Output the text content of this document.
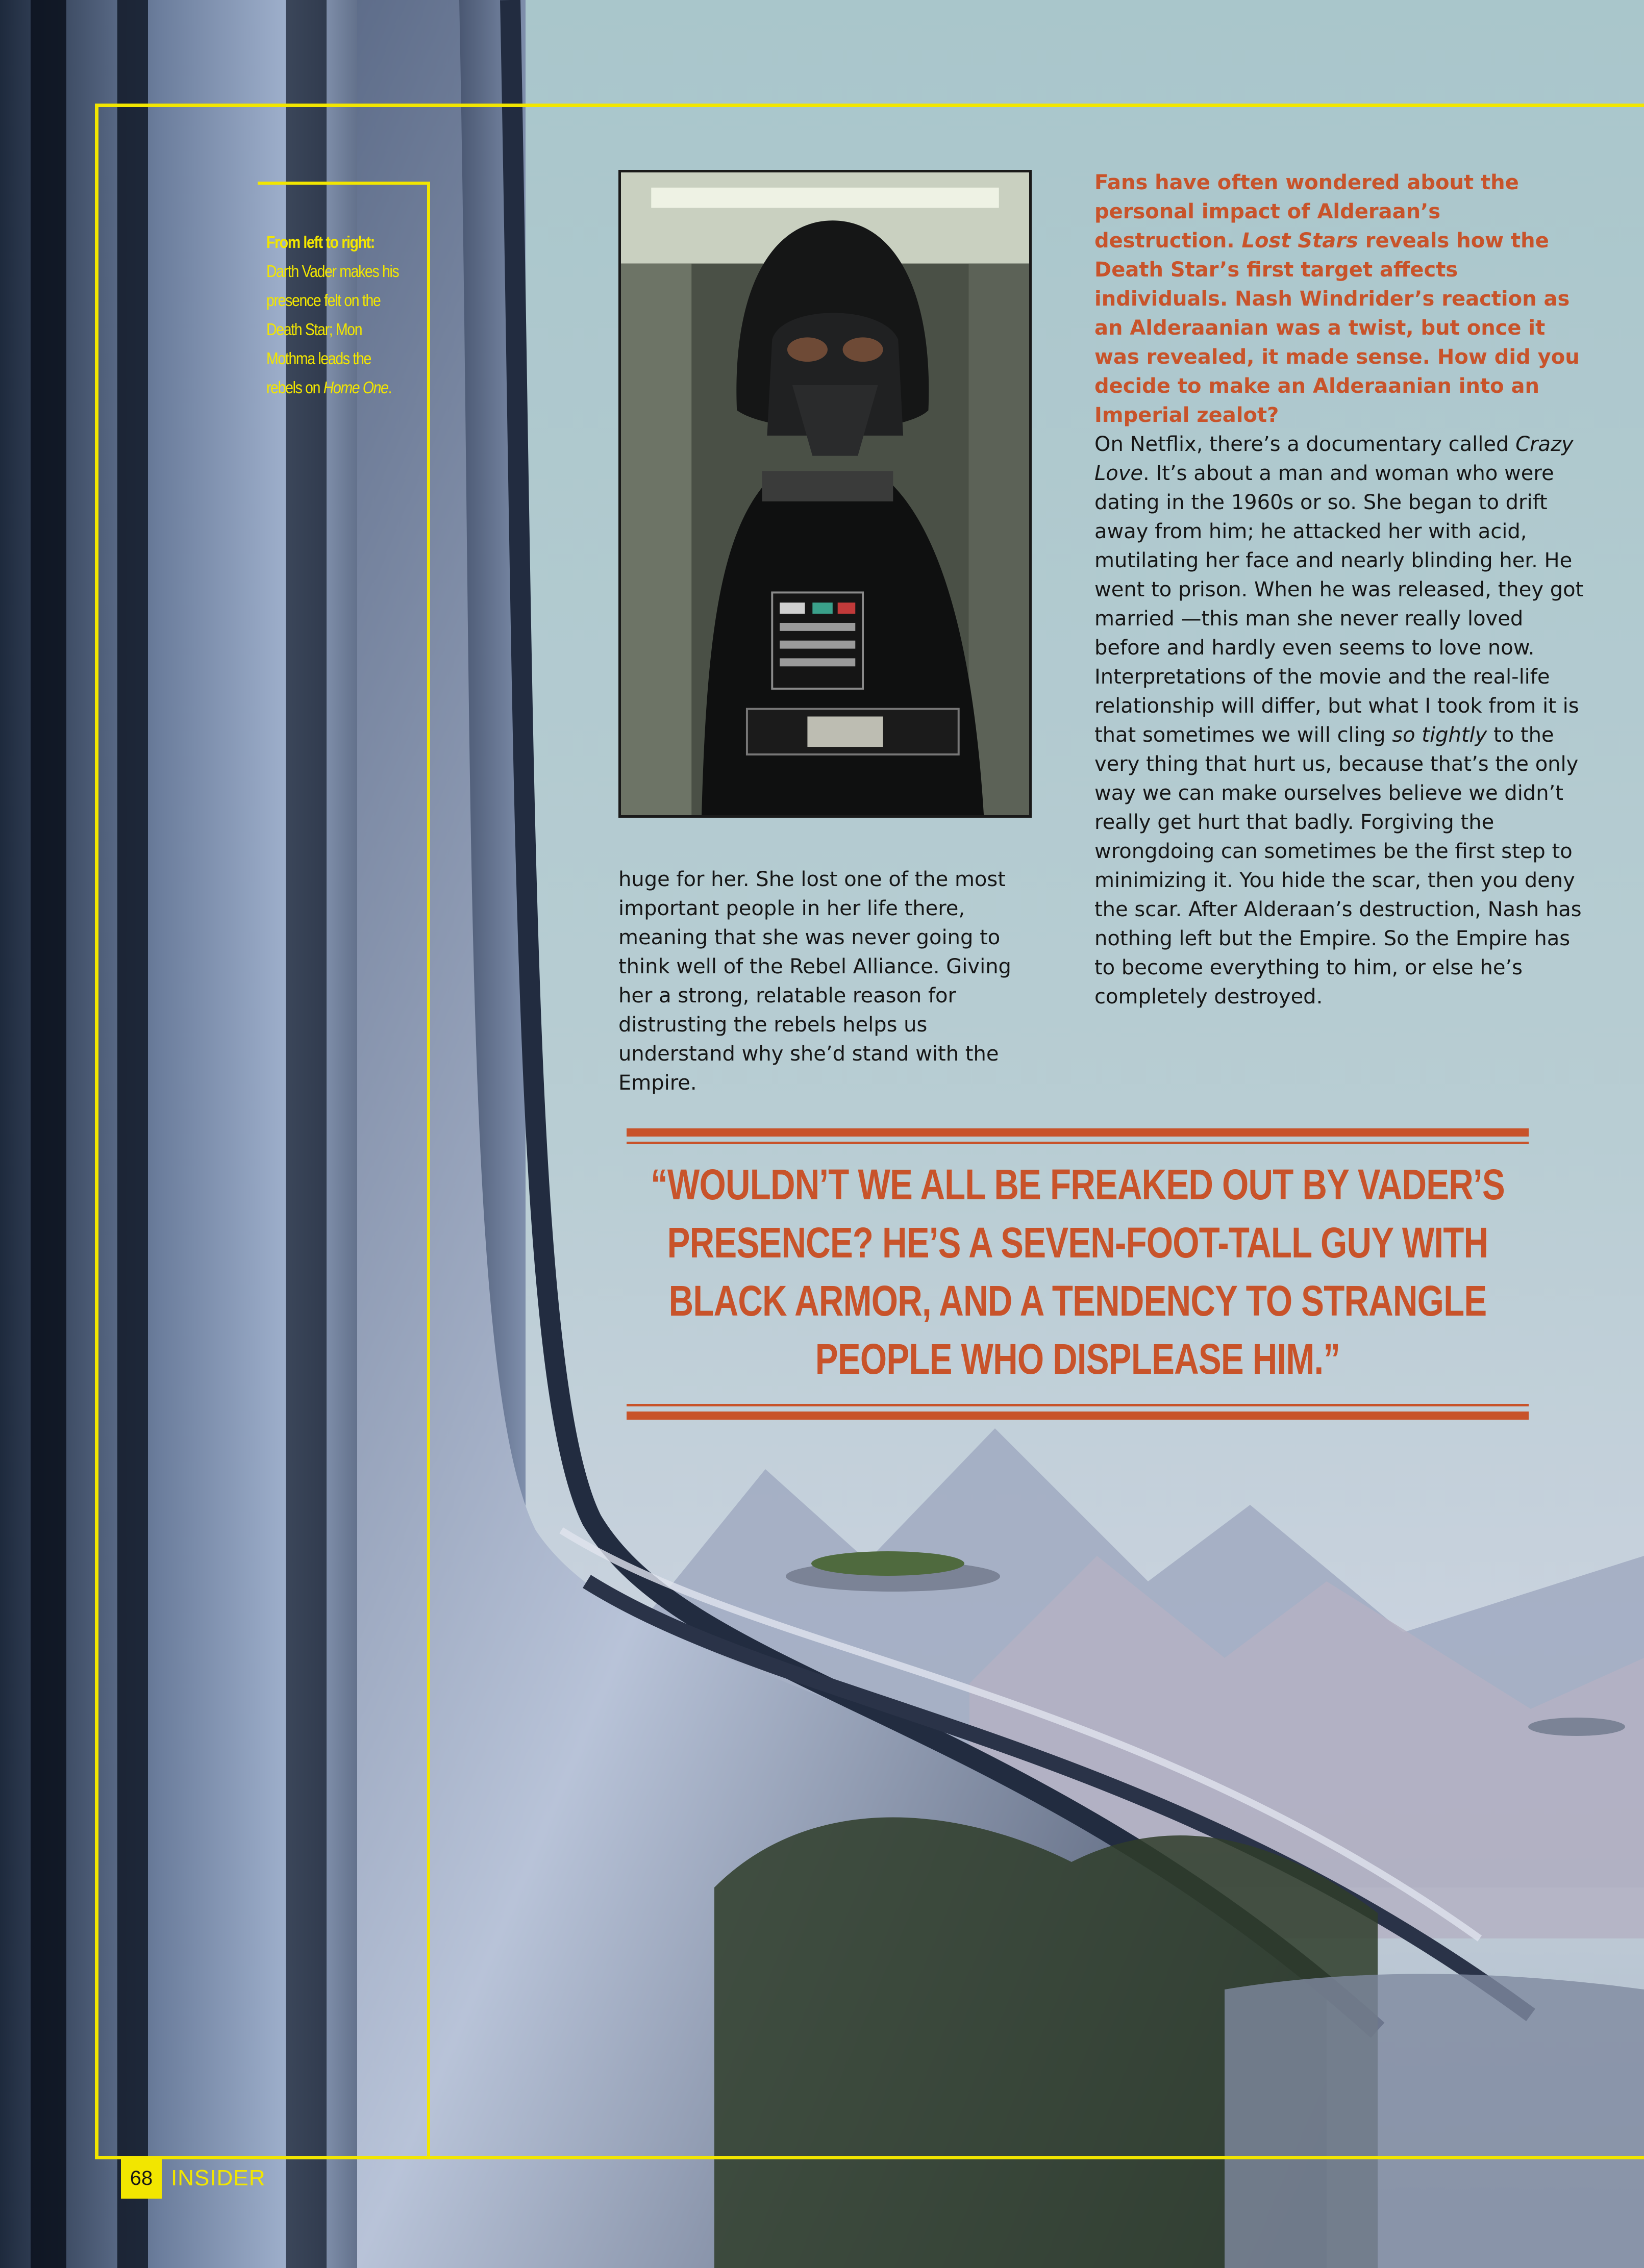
From left to right:
Darth Vader makes his presence felt on the Death Star; Mon Mothma leads the rebels on Home One.

huge for her. She lost one of the most important people in her life there, meaning that she was never going to think well of the Rebel Alliance. Giving her a strong, relatable reason for distrusting the rebels helps us understand why she’d stand with the Empire.

Fans have often wondered about the personal impact of Alderaan’s destruction. Lost Stars reveals how the Death Star’s first target affects individuals. Nash Windrider’s reaction as an Alderaanian was a twist, but once it was revealed, it made sense. How did you decide to make an Alderaanian into an Imperial zealot?
On Netflix, there’s a documentary called Crazy Love. It’s about a man and woman who were dating in the 1960s or so. She began to drift away from him; he attacked her with acid, mutilating her face and nearly blinding her. He went to prison. When he was released, they got married —this man she never really loved before and hardly even seems to love now. Interpretations of the movie and the real-life relationship will differ, but what I took from it is that sometimes we will cling so tightly to the very thing that hurt us, because that’s the only way we can make ourselves believe we didn’t really get hurt that badly. Forgiving the wrongdoing can sometimes be the first step to minimizing it. You hide the scar, then you deny the scar. After Alderaan’s destruction, Nash has nothing left but the Empire. So the Empire has to become everything to him, or else he’s completely destroyed.
“WOULDN’T WE ALL BE FREAKED OUT BY VADER’S PRESENCE? HE’S A SEVEN-FOOT-TALL GUY WITH BLACK ARMOR, AND A TENDENCY TO STRANGLE PEOPLE WHO DISPLEASE HIM.”
68 INSIDER
